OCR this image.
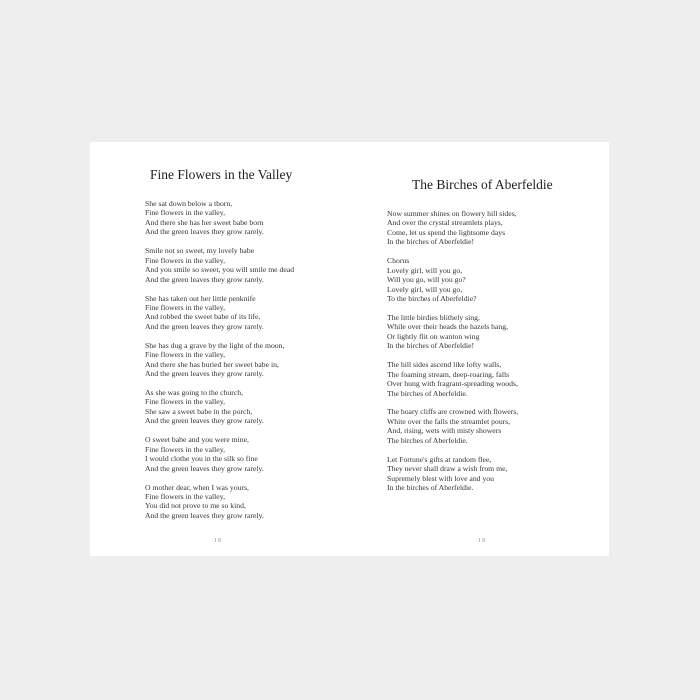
Fine Flowers in the Valley
She sat down below a thorn,
Fine flowers in the valley,
And there she has her sweet babe born
And the green leaves they grow rarely.
Smile not so sweet, my lovely babe
Fine flowers in the valley,
And you smile so sweet, you will smile me dead
And the green leaves they grow rarely.
She has taken out her little penknife
Fine flowers in the valley,
And robbed the sweet babe of its life,
And the green leaves they grow rarely.
She has dug a grave by the light of the moon,
Fine flowers in the valley,
And there she has buried her sweet babe in,
And the green leaves they grow rarely.
As she was going to the church,
Fine flowers in the valley,
She saw a sweet babe in the porch,
And the green leaves they grow rarely.
O sweet babe and you were mine,
Fine flowers in the valley,
I would clothe you in the silk so fine
And the green leaves they grow rarely.
O mother dear, when I was yours,
Fine flowers in the valley,
You did not prove to me so kind,
And the green leaves they grow rarely.
18
The Birches of Aberfeldie
Now summer shines on flowery hill sides,
And over the crystal streamlets plays,
Come, let us spend the lightsome days
In the birches of Aberfeldie!
Chorus
Lovely girl, will you go,
Will you go, will you go?
Lovely girl, will you go,
To the birches of Aberfeldie?
The little birdies blithely sing,
While over their heads the hazels hang,
Or lightly flit on wanton wing
In the birches of Aberfeldie!
The hill sides ascend like lofty walls,
The foaming stream, deep-roaring, falls
Over hung with fragrant-spreading woods,
The birches of Aberfeldie.
The hoary cliffs are crowned with flowers,
White over the falls the streamlet pours,
And, rising, wets with misty showers
The birches of Aberfeldie.
Let Fortune's gifts at random flee,
They never shall draw a wish from me,
Supremely blest with love and you
In the birches of Aberfeldie.
19
